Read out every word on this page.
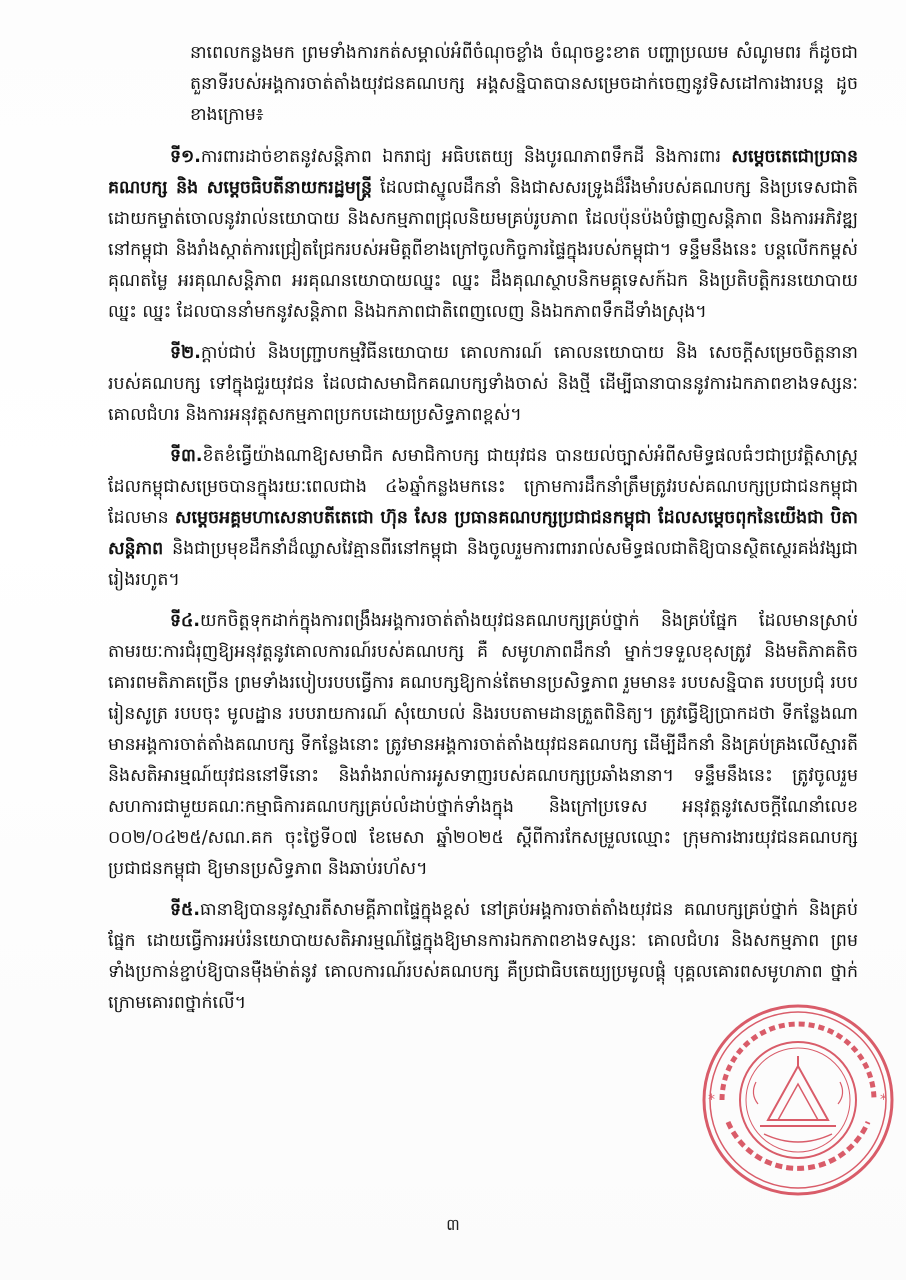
នាពេលកន្លងមក ព្រមទាំងការកត់សម្គាល់អំពីចំណុចខ្លាំង ចំណុចខ្វះខាត បញ្ហាប្រឈម សំណូមពរ ក៏ដូចជាតួនាទីរបស់អង្គការចាត់តាំងយុវជនគណបក្ស អង្គសន្និបាតបានសម្រេចដាក់ចេញនូវទិសដៅការងារបន្ត ដូចខាងក្រោម៖

ទី១.ការពារដាច់ខាតនូវសន្តិភាព ឯករាជ្យ អធិបតេយ្យ និងបូរណភាពទឹកដី និងការពារ សម្តេចតេជោប្រធានគណបក្ស និង សម្តេចធិបតីនាយករដ្ឋមន្ត្រី ដែលជាស្នូលដឹកនាំ និងជាសសរទ្រូងដ៏រឹងមាំរបស់គណបក្ស និងប្រទេសជាតិ ដោយកម្ចាត់ចោលនូវរាល់នយោបាយ និងសកម្មភាពជ្រុលនិយមគ្រប់រូបភាព ដែលប៉ុនប៉ងបំផ្លាញសន្តិភាព និងការអភិវឌ្ឍនៅកម្ពុជា និងរាំងស្កាត់ការជ្រៀតជ្រែករបស់អមិត្តពីខាងក្រៅចូលកិច្ចការផ្ទៃក្នុងរបស់កម្ពុជា។ ទន្ទឹមនឹងនេះ បន្តលើកកម្ពស់គុណតម្លៃ អរគុណសន្តិភាព អរគុណនយោបាយឈ្នះ ឈ្នះ ដឹងគុណស្ថាបនិកមគ្គុទេសក៍ឯក និងប្រតិបត្តិករនយោបាយឈ្នះ ឈ្នះ ដែលបាននាំមកនូវសន្តិភាព និងឯកភាពជាតិពេញលេញ និងឯកភាពទឹកដីទាំងស្រុង។

ទី២.ក្តាប់ជាប់ និងបញ្ជ្រាបកម្មវិធីនយោបាយ គោលការណ៍ គោលនយោបាយ និង សេចក្តីសម្រេចចិត្តនានារបស់គណបក្ស ទៅក្នុងជួរយុវជន ដែលជាសមាជិកគណបក្សទាំងចាស់ និងថ្មី ដើម្បីធានាបាននូវការឯកភាពខាងទស្សនៈ គោលជំហរ និងការអនុវត្តសកម្មភាពប្រកបដោយប្រសិទ្ធភាពខ្ពស់។

ទី៣.ខិតខំធ្វើយ៉ាងណាឱ្យសមាជិក សមាជិកាបក្ស ជាយុវជន បានយល់ច្បាស់អំពីសមិទ្ធផលធំៗជាប្រវត្តិសាស្ត្រ ដែលកម្ពុជាសម្រេចបានក្នុងរយៈពេលជាង ៤៦ឆ្នាំកន្លងមកនេះ ក្រោមការដឹកនាំត្រឹមត្រូវរបស់គណបក្សប្រជាជនកម្ពុជា ដែលមាន សម្តេចអគ្គមហាសេនាបតីតេជោ ហ៊ុន សែន ប្រធានគណបក្សប្រជាជនកម្ពុជា ដែលសម្តេចពុកនៃយើងជា បិតាសន្តិភាព និងជាប្រមុខដឹកនាំដ៏ឈ្លាសវៃគ្មានពីរនៅកម្ពុជា និងចូលរួមការពាររាល់សមិទ្ធផលជាតិឱ្យបានស្ថិតស្ថេរគង់វង្សជារៀងរហូត។

ទី៤.យកចិត្តទុកដាក់ក្នុងការពង្រឹងអង្គការចាត់តាំងយុវជនគណបក្សគ្រប់ថ្នាក់ និងគ្រប់ផ្នែក ដែលមានស្រាប់ តាមរយៈការជំរុញឱ្យអនុវត្តនូវគោលការណ៍របស់គណបក្ស គឺ សមូហភាពដឹកនាំ ម្នាក់ៗទទួលខុសត្រូវ និងមតិភាគតិច គោរពមតិភាគច្រើន ព្រមទាំងរបៀបរបបធ្វើការ គណបក្សឱ្យកាន់តែមានប្រសិទ្ធភាព រួមមាន៖ របបសន្និបាត របបប្រជុំ របបរៀនសូត្រ របបចុះ មូលដ្ឋាន របបរាយការណ៍ សុំយោបល់ និងរបបតាមដានត្រួតពិនិត្យ។ ត្រូវធ្វើឱ្យប្រាកដថា ទីកន្លែងណាមានអង្គការចាត់តាំងគណបក្ស ទីកន្លែងនោះ ត្រូវមានអង្គការចាត់តាំងយុវជនគណបក្ស ដើម្បីដឹកនាំ និងគ្រប់គ្រងលើស្មារតី និងសតិអារម្មណ៍យុវជននៅទីនោះ និងរាំងរាល់ការអូសទាញរបស់គណបក្សប្រឆាំងនានា។ ទន្ទឹមនឹងនេះ ត្រូវចូលរួមសហការជាមួយគណៈកម្មាធិការគណបក្សគ្រប់លំដាប់ថ្នាក់ទាំងក្នុង និងក្រៅប្រទេស អនុវត្តនូវសេចក្តីណែនាំលេខ ០០២/០៤២៥/សណ.គក ចុះថ្ងៃទី០៧ ខែមេសា ឆ្នាំ២០២៥ ស្តីពីការកែសម្រួលឈ្មោះ ក្រុមការងារយុវជនគណបក្សប្រជាជនកម្ពុជា ឱ្យមានប្រសិទ្ធភាព និងឆាប់រហ័ស។

ទី៥.ធានាឱ្យបាននូវស្មារតីសាមគ្គីភាពផ្ទៃក្នុងខ្ពស់ នៅគ្រប់អង្គការចាត់តាំងយុវជន គណបក្សគ្រប់ថ្នាក់ និងគ្រប់ផ្នែក ដោយធ្វើការអប់រំនយោបាយសតិអារម្មណ៍ផ្ទៃក្នុងឱ្យមានការឯកភាពខាងទស្សនៈ គោលជំហរ និងសកម្មភាព ព្រមទាំងប្រកាន់ខ្ជាប់ឱ្យបានម៉ឺងម៉ាត់នូវ គោលការណ៍របស់គណបក្ស គឺប្រជាធិបតេយ្យប្រមូលផ្តុំ បុគ្គលគោរពសមូហភាព ថ្នាក់ក្រោមគោរពថ្នាក់លើ។

*
*
៣
